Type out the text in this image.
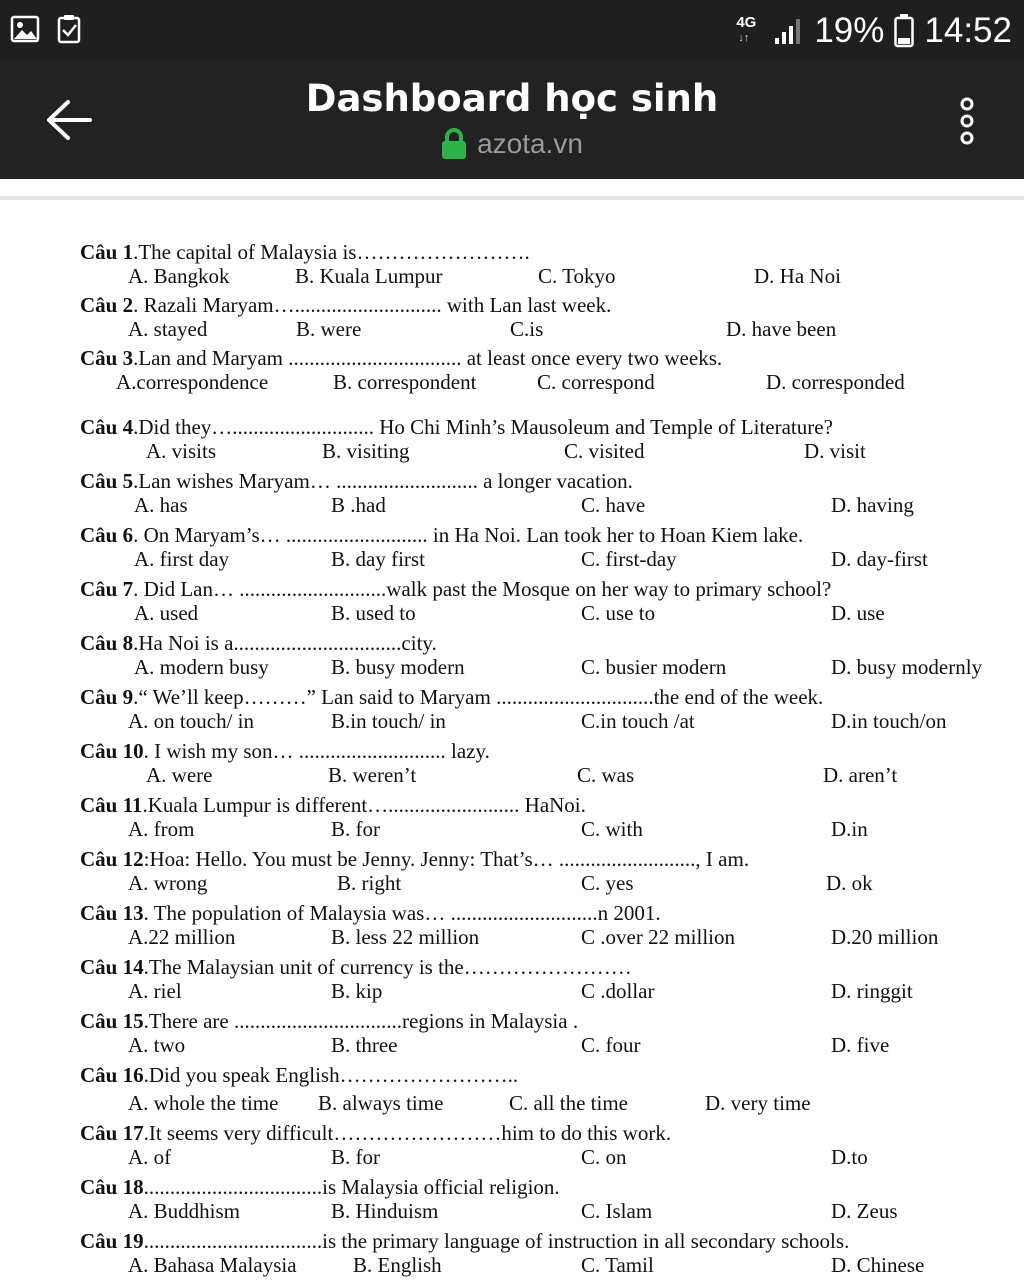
4G
↓↑ 19% 14:52
Dashboard học sinh
azota.vn
Câu 1.The capital of Malaysia is…………………….
A. Bangkok	B. Kuala Lumpur	C. Tokyo	D. Ha Noi
Câu 2. Razali Maryam…............................ with Lan last week.
A. stayed	B. were	C.is	D. have been
Câu 3.Lan and Maryam ................................. at least once every two weeks.
A.correspondence	B. correspondent	C. correspond	D. corresponded
Câu 4.Did they…........................... Ho Chi Minh’s Mausoleum and Temple of Literature?
A. visits	B. visiting	C. visited	D. visit
Câu 5.Lan wishes Maryam… ........................... a longer vacation.
A. has	B .had	C. have	D. having
Câu 6. On Maryam’s… ........................... in Ha Noi. Lan took her to Hoan Kiem lake.
A. first day	B. day first	C. first-day	D. day-first
Câu 7. Did Lan… ............................walk past the Mosque on her way to primary school?
A. used	B. used to	C. use to	D. use
Câu 8.Ha Noi is a................................city.
A. modern busy	B. busy modern	C. busier modern	D. busy modernly
Câu 9.“ We’ll keep………” Lan said to Maryam ..............................the end of the week.
A. on touch/ in	B.in touch/ in	C.in touch /at	D.in touch/on
Câu 10. I wish my son… ............................ lazy.
A. were	B. weren’t	C. was	D. aren’t
Câu 11.Kuala Lumpur is different…......................... HaNoi.
A. from	B. for	C. with	D.in
Câu 12:Hoa: Hello. You must be Jenny. Jenny: That’s… .........................., I am.
A. wrong	B. right	C. yes	D. ok
Câu 13. The population of Malaysia was… ............................n 2001.
A.22 million	B. less 22 million	C .over 22 million	D.20 million
Câu 14.The Malaysian unit of currency is the……………………
A. riel	B. kip	C .dollar	D. ringgit
Câu 15.There are ................................regions in Malaysia .
A. two	B. three	C. four	D. five
Câu 16.Did you speak English……………………..
A. whole the time B. always time	C. all the time	D. very time
Câu 17.It seems very difficult……………………him to do this work.
A. of	B. for	C. on	D.to
Câu 18..................................is Malaysia official religion.
A. Buddhism	B. Hinduism	C. Islam	D. Zeus
Câu 19..................................is the primary language of instruction in all secondary schools.
A. Bahasa Malaysia	B. English	C. Tamil	D. Chinese
